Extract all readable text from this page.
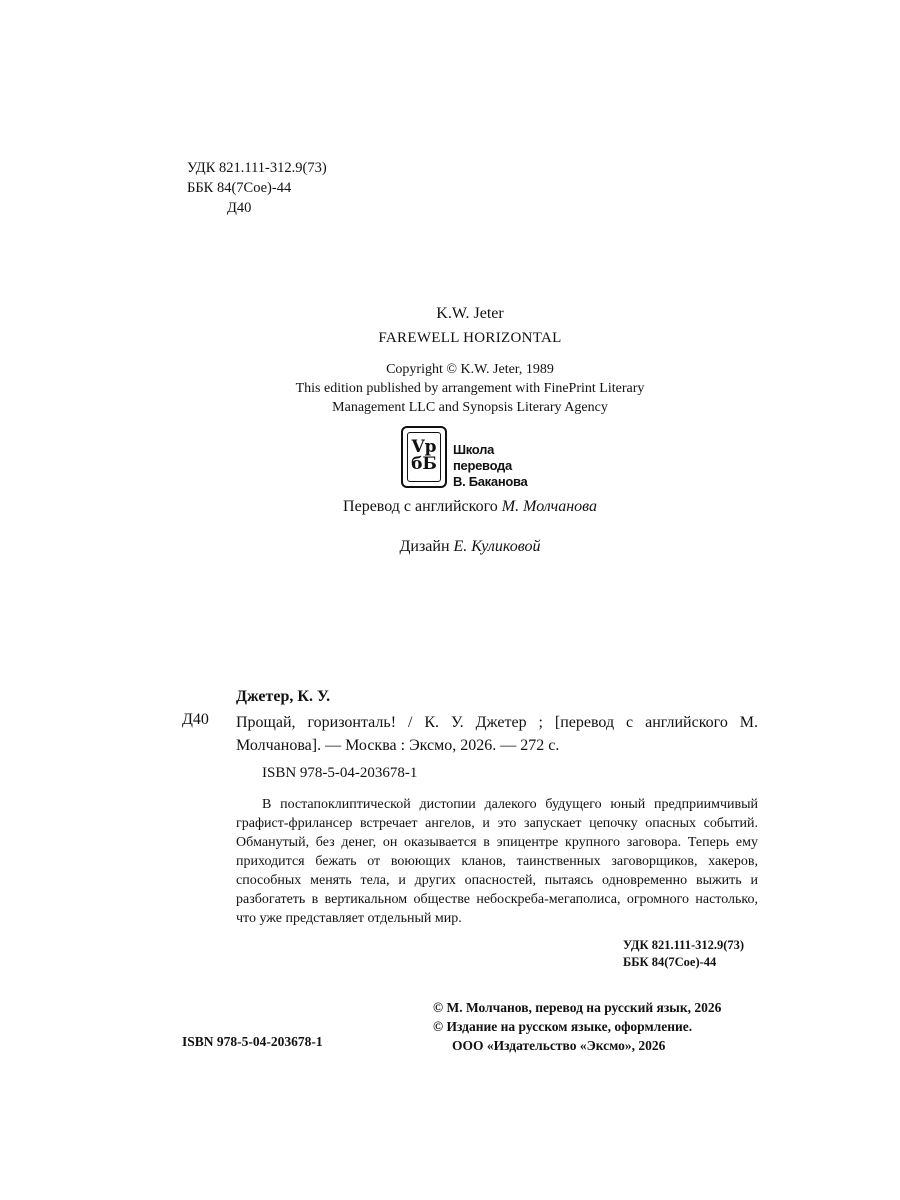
УДК 821.111-312.9(73)
ББК 84(7Сое)-44
Д40
K.W. Jeter
FAREWELL HORIZONTAL
Copyright © K.W. Jeter, 1989
This edition published by arrangement with FinePrint Literary
Management LLC and Synopsis Literary Agency
Vр
бБ
Школа перевода
В. Баканова
Перевод с английского М. Молчанова
Дизайн Е. Куликовой
Джетер, К. У.
Д40 Прощай, горизонталь! / К. У. Джетер ; [перевод с английского М. Молчанова]. — Москва : Эксмо, 2026. — 272 с.
ISBN 978-5-04-203678-1
В постапоклиптической дистопии далекого будущего юный предприимчивый графист-фрилансер встречает ангелов, и это запускает цепочку опасных событий. Обманутый, без денег, он оказывается в эпицентре крупного заговора. Теперь ему приходится бежать от воюющих кланов, таинственных заговорщиков, хакеров, способных менять тела, и других опасностей, пытаясь одновременно выжить и разбогатеть в вертикальном обществе небоскреба-мегаполиса, огромного настолько, что уже представляет отдельный мир.
УДК 821.111-312.9(73)
ББК 84(7Сое)-44
© М. Молчанов, перевод на русский язык, 2026
© Издание на русском языке, оформление.
ООО «Издательство «Эксмо», 2026
ISBN 978-5-04-203678-1
